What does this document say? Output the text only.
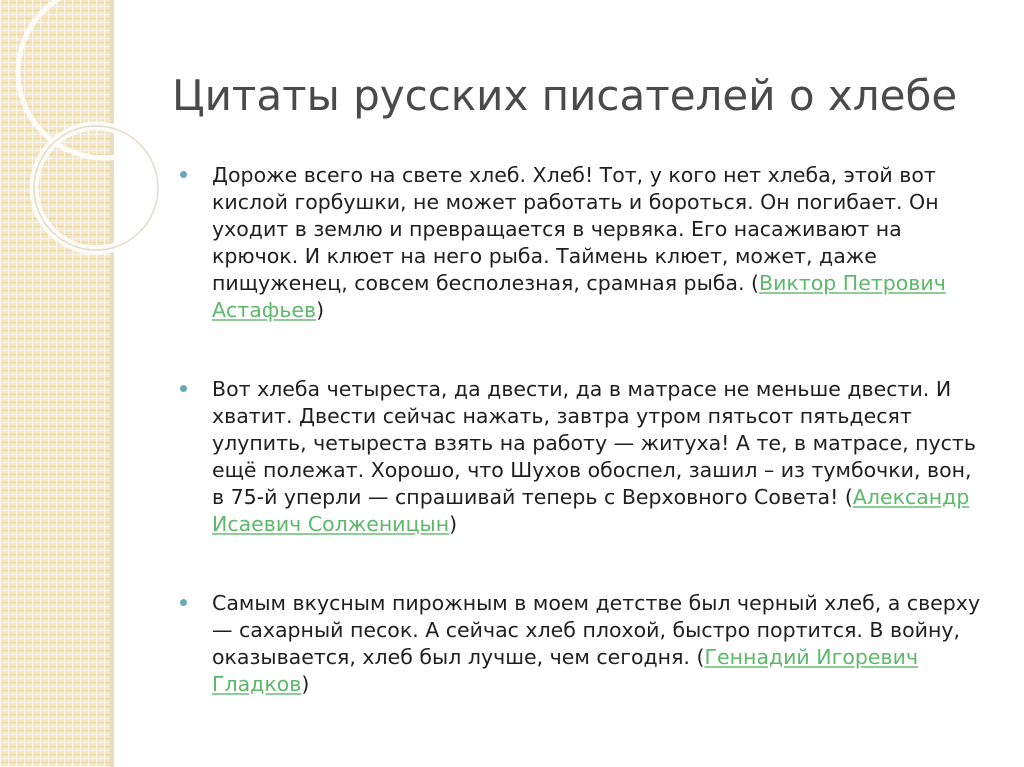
Цитаты русских писателей о хлебе

Дороже всего на свете хлеб. Хлеб! Тот, у кого нет хлеба, этой вот кислой горбушки, не может работать и бороться. Он погибает. Он уходит в землю и превращается в червяка. Его насаживают на крючок. И клюет на него рыба. Таймень клюет, может, даже пищуженец, совсем бесполезная, срамная рыба. (Виктор Петрович Астафьев)

Вот хлеба четыреста, да двести, да в матрасе не меньше двести. И хватит. Двести сейчас нажать, завтра утром пятьсот пятьдесят улупить, четыреста взять на работу — житуха! А те, в матрасе, пусть ещё полежат. Хорошо, что Шухов обоспел, зашил – из тумбочки, вон, в 75-й уперли — спрашивай теперь с Верховного Совета! (Александр Исаевич Солженицын)

Самым вкусным пирожным в моем детстве был черный хлеб, а сверху — сахарный песок. А сейчас хлеб плохой, быстро портится. В войну, оказывается, хлеб был лучше, чем сегодня. (Геннадий Игоревич Гладков)
